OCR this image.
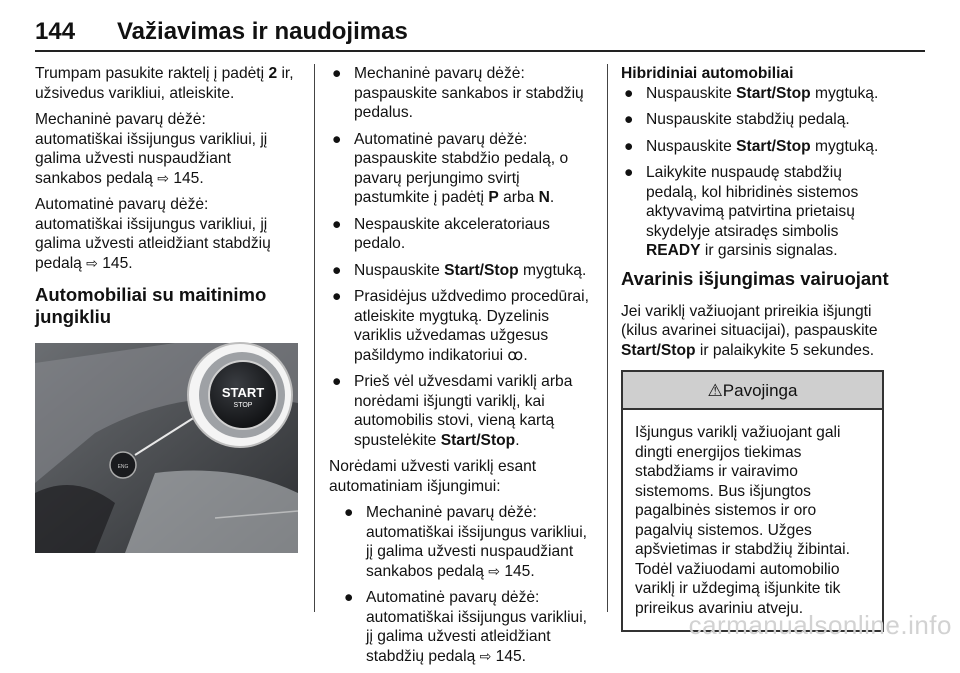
144 Važiavimas ir naudojimas

Trumpam pasukite raktelį į padėtį 2 ir,
užsivedus varikliui, atleiskite.

Mechaninė pavarų dėžė:
automatiškai išsijungus varikliui, jį
galima užvesti nuspaudžiant
sankabos pedalą ⇨ 145.

Automatinė pavarų dėžė:
automatiškai išsijungus varikliui, jį
galima užvesti atleidžiant stabdžių
pedalą ⇨ 145.

Automobiliai su maitinimo
jungikliu
ENG
START
STOP
● Mechaninė pavarų dėžė:
paspauskite sankabos ir stabdžių
pedalus.
● Automatinė pavarų dėžė:
paspauskite stabdžio pedalą, o
pavarų perjungimo svirtį
pastumkite į padėtį P arba N.
● Nespauskite akceleratoriaus
pedalo.
● Nuspauskite Start/Stop mygtuką.
● Prasidėjus uždvedimo procedūrai,
atleiskite mygtuką. Dyzelinis
variklis užvedamas užgesus
pašildymo indikatoriui ꝏ.
● Prieš vėl užvesdami variklį arba
norėdami išjungti variklį, kai
automobilis stovi, vieną kartą
spustelėkite Start/Stop.

Norėdami užvesti variklį esant
automatiniam išjungimui:

● Mechaninė pavarų dėžė:
automatiškai išsijungus varikliui,
jį galima užvesti nuspaudžiant
sankabos pedalą ⇨ 145.
● Automatinė pavarų dėžė:
automatiškai išsijungus varikliui,
jį galima užvesti atleidžiant
stabdžių pedalą ⇨ 145.
Hibridiniai automobiliai
● Nuspauskite Start/Stop mygtuką.
● Nuspauskite stabdžių pedalą.
● Nuspauskite Start/Stop mygtuką.
● Laikykite nuspaudę stabdžių
pedalą, kol hibridinės sistemos
aktyvavimą patvirtina prietaisų
skydelyje atsiradęs simbolis
READY ir garsinis signalas.
Avarinis išjungimas vairuojant

Jei variklį važiuojant prireikia išjungti
(kilus avarinei situacijai), paspauskite
Start/Stop ir palaikykite 5 sekundes.

⚠Pavojinga
Išjungus variklį važiuojant gali
dingti energijos tiekimas
stabdžiams ir vairavimo
sistemoms. Bus išjungtos
pagalbinės sistemos ir oro
pagalvių sistemos. Užges
apšvietimas ir stabdžių žibintai.
Todėl važiuodami automobilio
variklį ir uždegimą išjunkite tik
prireikus avariniu atveju.
carmanualsonline.info
